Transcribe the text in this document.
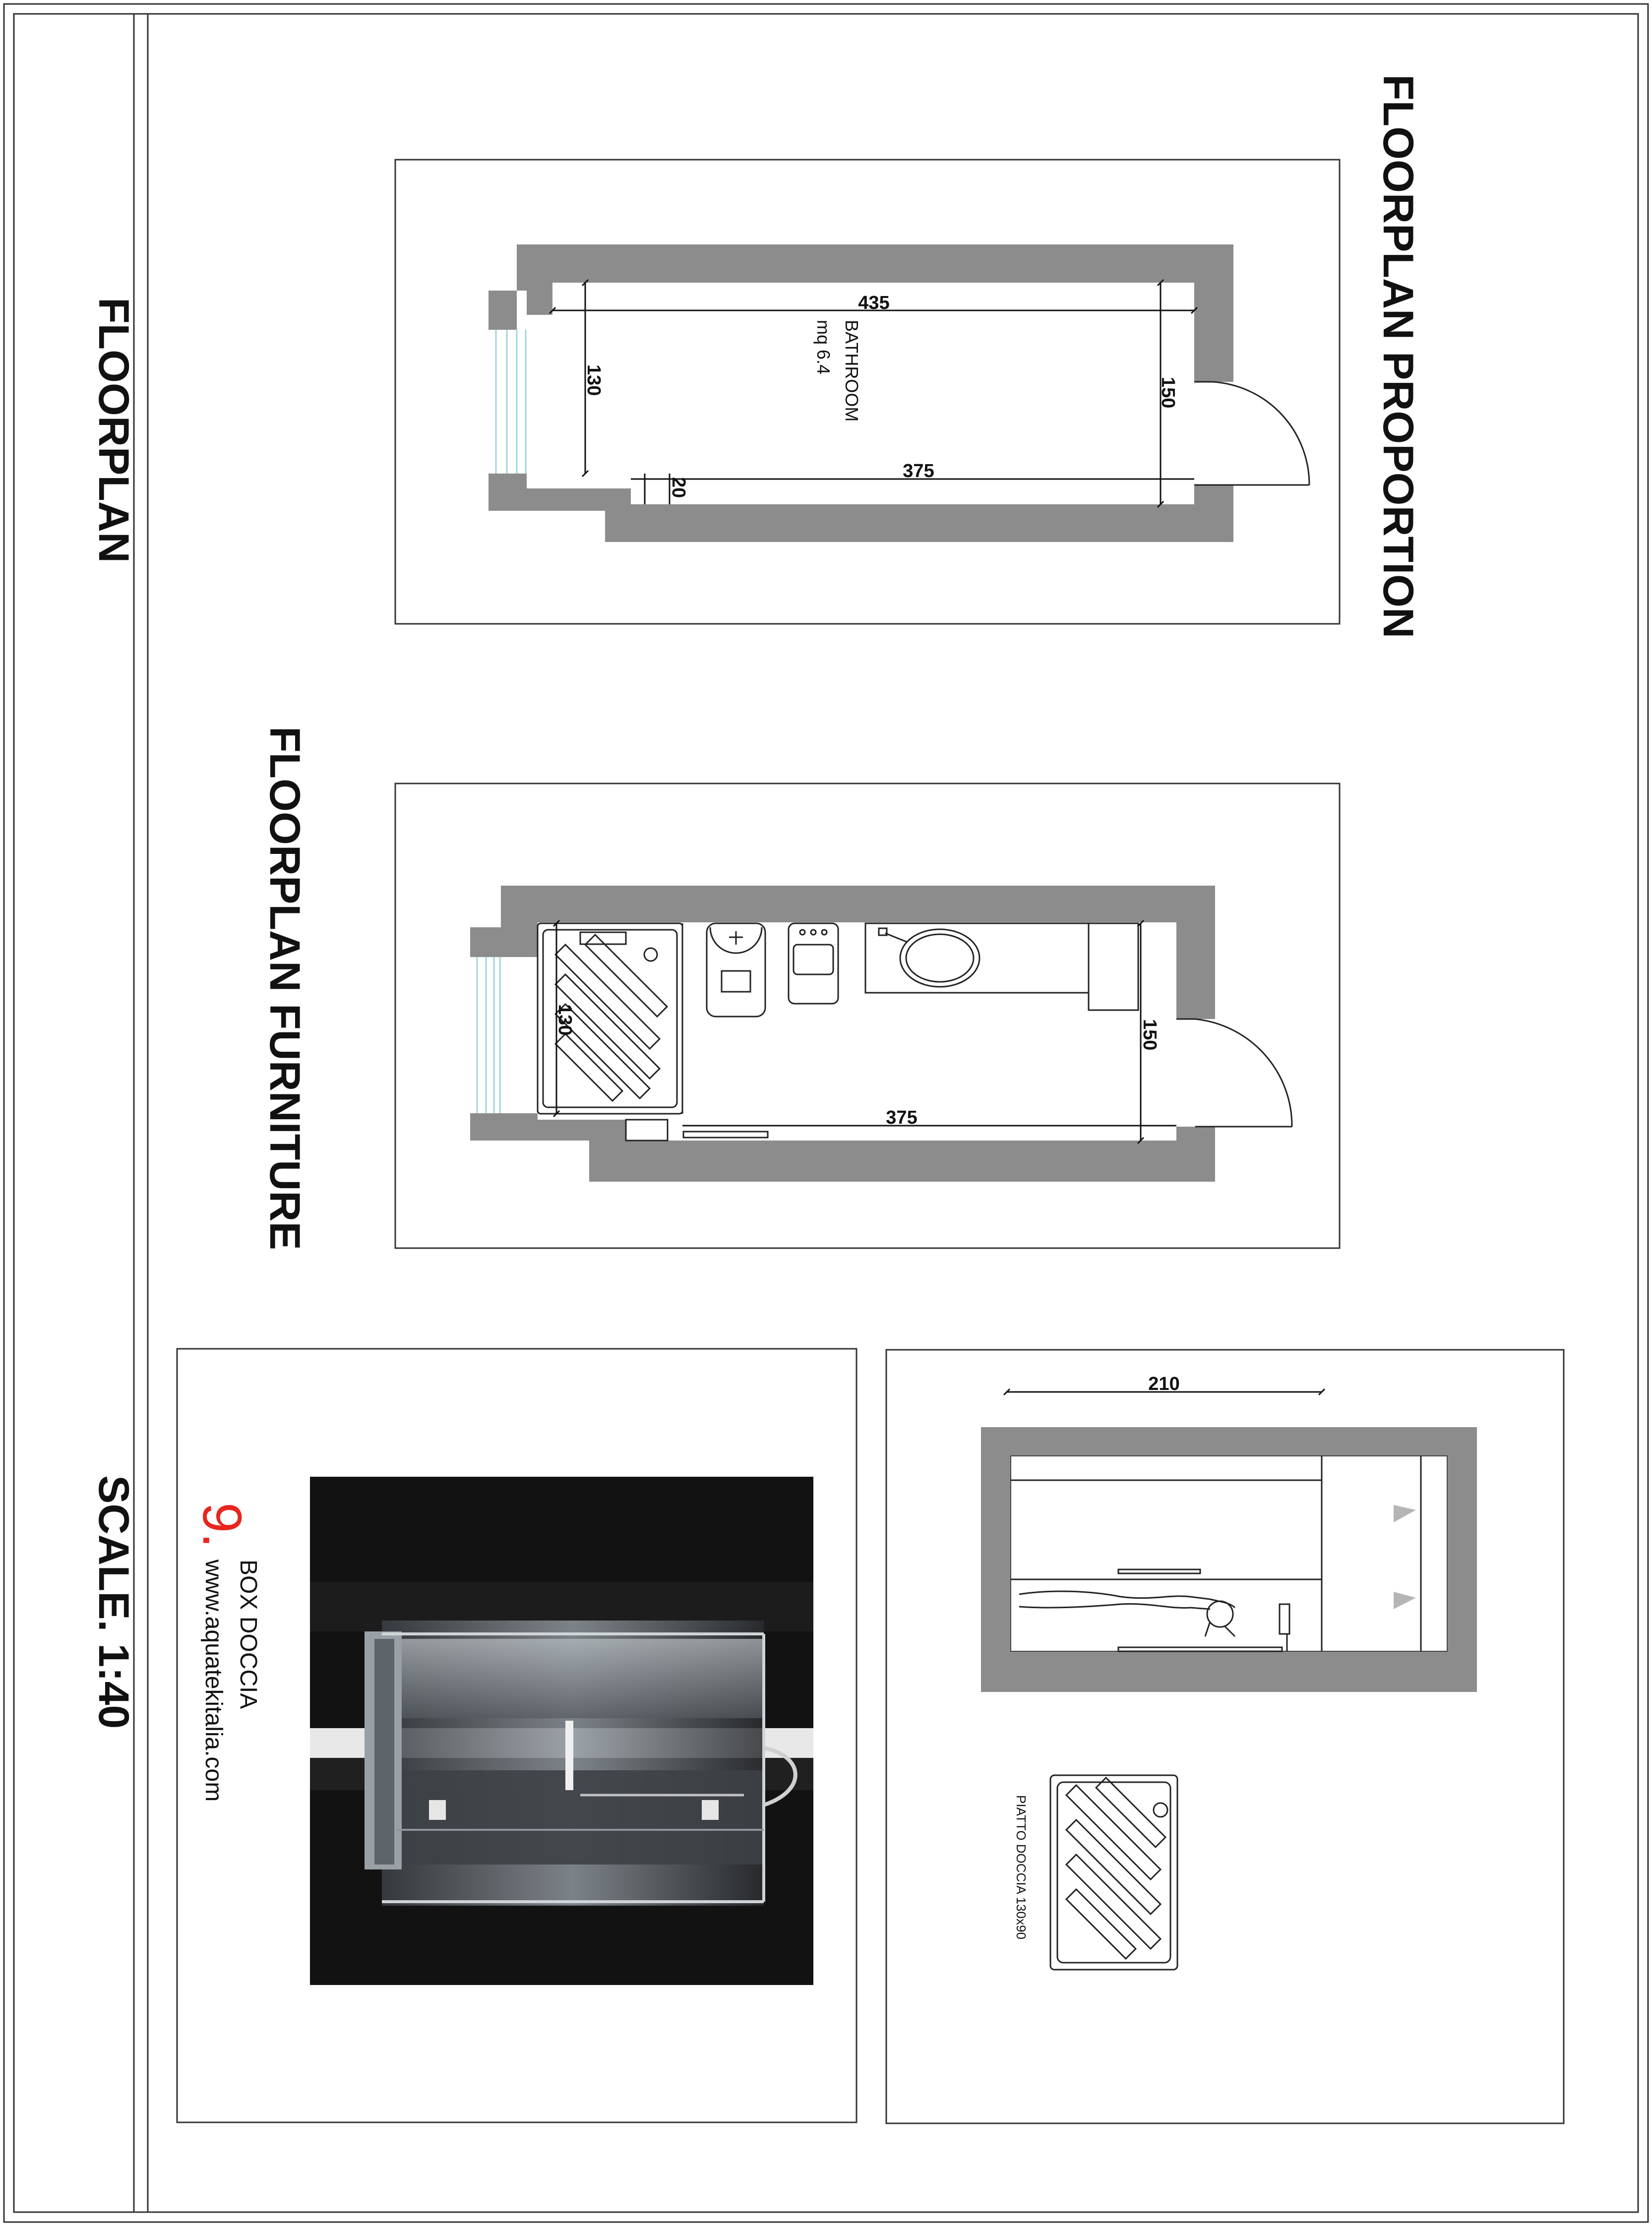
FLOORPLAN
SCALE. 1:40
FLOORPLAN PROPORTION
435
130	150
375
20
BATHROOM
mq 6.4
FLOORPLAN FURNITURE	130	150
375
9.
BOX DOCCIA
www.aquatekitalia.com
210
PIATTO DOCCIA 130x90
